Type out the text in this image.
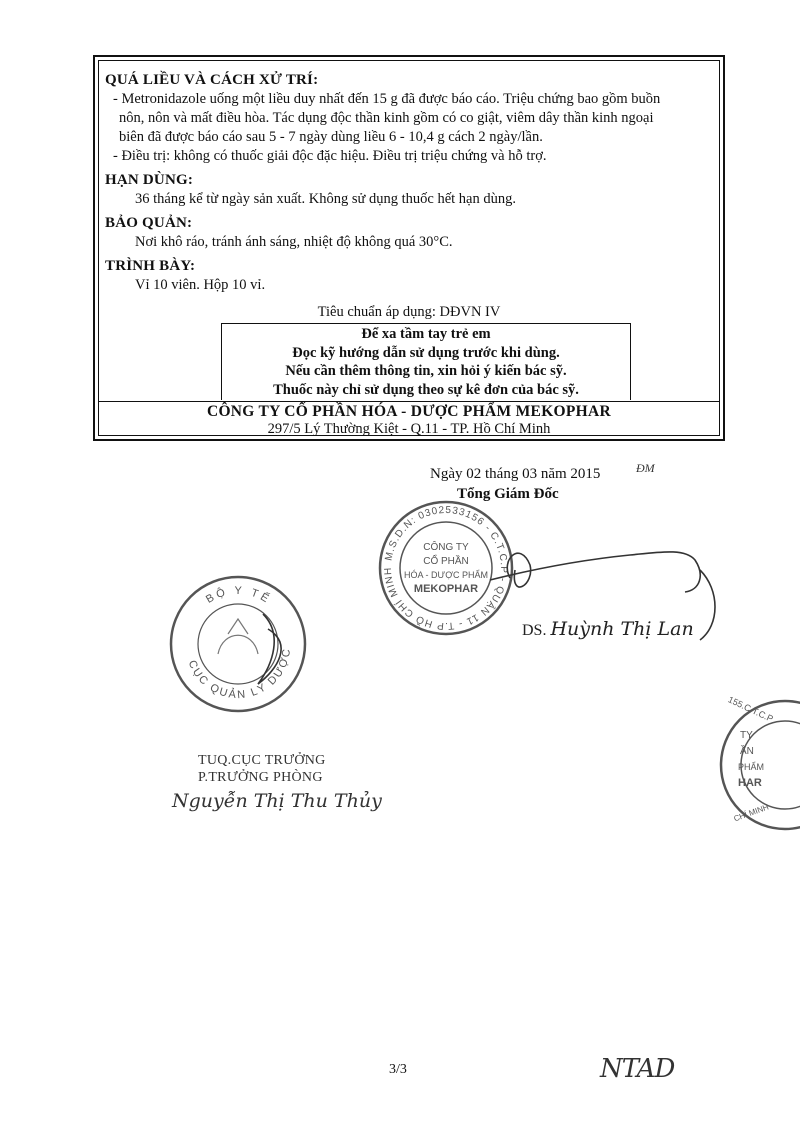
QUÁ LIỀU VÀ CÁCH XỬ TRÍ:

- Metronidazole uống một liều duy nhất đến 15 g đã được báo cáo. Triệu chứng bao gồm buồn

nôn, nôn và mất điều hòa. Tác dụng độc thần kinh gồm có co giật, viêm dây thần kinh ngoại

biên đã được báo cáo sau 5 - 7 ngày dùng liều 6 - 10,4 g cách 2 ngày/lần.

- Điều trị: không có thuốc giải độc đặc hiệu. Điều trị triệu chứng và hỗ trợ.

HẠN DÙNG:

36 tháng kể từ ngày sản xuất. Không sử dụng thuốc hết hạn dùng.

BẢO QUẢN:

Nơi khô ráo, tránh ánh sáng, nhiệt độ không quá 30°C.

TRÌNH BÀY:

Vỉ 10 viên. Hộp 10 vỉ.

Tiêu chuẩn áp dụng: DĐVN IV
Để xa tầm tay trẻ em
Đọc kỹ hướng dẫn sử dụng trước khi dùng.
Nếu cần thêm thông tin, xin hỏi ý kiến bác sỹ.
Thuốc này chỉ sử dụng theo sự kê đơn của bác sỹ.
CÔNG TY CỔ PHẦN HÓA - DƯỢC PHẨM MEKOPHAR
297/5 Lý Thường Kiệt - Q.11 - TP. Hồ Chí Minh
Ngày 02 tháng 03 năm 2015	ĐM
Tổng Giám Đốc
M.S.D.N: 0302533156 - C.T.C.P - QUẬN 11 - T.P HỒ CHÍ MINH
CÔNG TY
CỔ PHẦN
HÓA - DƯỢC PHẨM
MEKOPHAR
DS. Huỳnh Thị Lan
155.C.T.C.P
TY
ẦN
PHẨM
HAR
CHÍ MINH
BỘ Y TẾ
CỤC QUẢN LÝ DƯỢC
TUQ.CỤC TRƯỞNG
P.TRƯỞNG PHÒNG
Nguyễn Thị Thu Thủy
3/3	NTAD
